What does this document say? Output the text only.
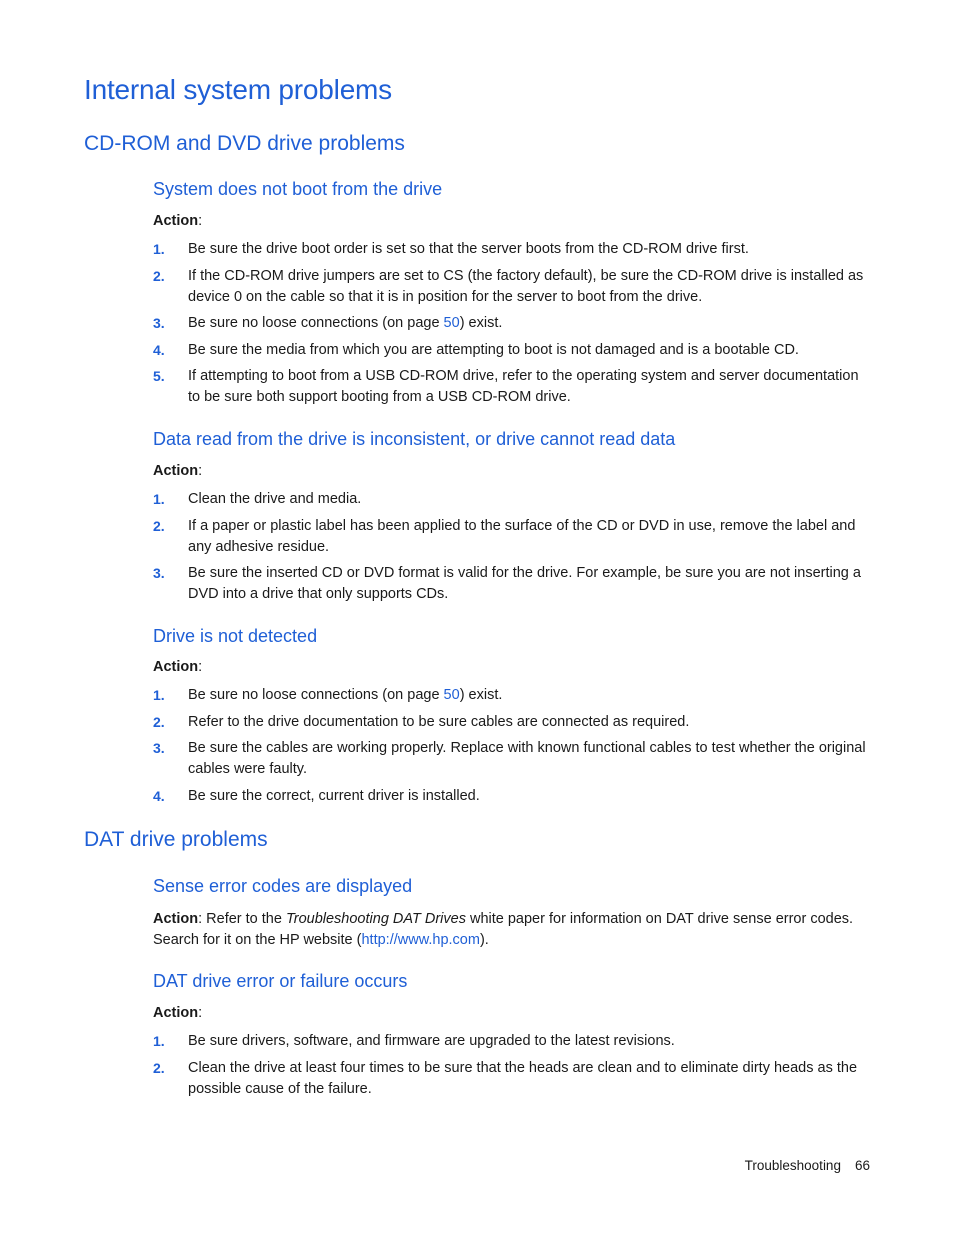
Internal system problems
CD-ROM and DVD drive problems
System does not boot from the drive
Action:
1. Be sure the drive boot order is set so that the server boots from the CD-ROM drive first.
2. If the CD-ROM drive jumpers are set to CS (the factory default), be sure the CD-ROM drive is installed as device 0 on the cable so that it is in position for the server to boot from the drive.
3. Be sure no loose connections (on page 50) exist.
4. Be sure the media from which you are attempting to boot is not damaged and is a bootable CD.
5. If attempting to boot from a USB CD-ROM drive, refer to the operating system and server documentation to be sure both support booting from a USB CD-ROM drive.
Data read from the drive is inconsistent, or drive cannot read data
Action:
1. Clean the drive and media.
2. If a paper or plastic label has been applied to the surface of the CD or DVD in use, remove the label and any adhesive residue.
3. Be sure the inserted CD or DVD format is valid for the drive. For example, be sure you are not inserting a DVD into a drive that only supports CDs.
Drive is not detected
Action:
1. Be sure no loose connections (on page 50) exist.
2. Refer to the drive documentation to be sure cables are connected as required.
3. Be sure the cables are working properly. Replace with known functional cables to test whether the original cables were faulty.
4. Be sure the correct, current driver is installed.
DAT drive problems
Sense error codes are displayed
Action: Refer to the Troubleshooting DAT Drives white paper for information on DAT drive sense error codes. Search for it on the HP website (http://www.hp.com).
DAT drive error or failure occurs
Action:
1. Be sure drivers, software, and firmware are upgraded to the latest revisions.
2. Clean the drive at least four times to be sure that the heads are clean and to eliminate dirty heads as the possible cause of the failure.
Troubleshooting 66
